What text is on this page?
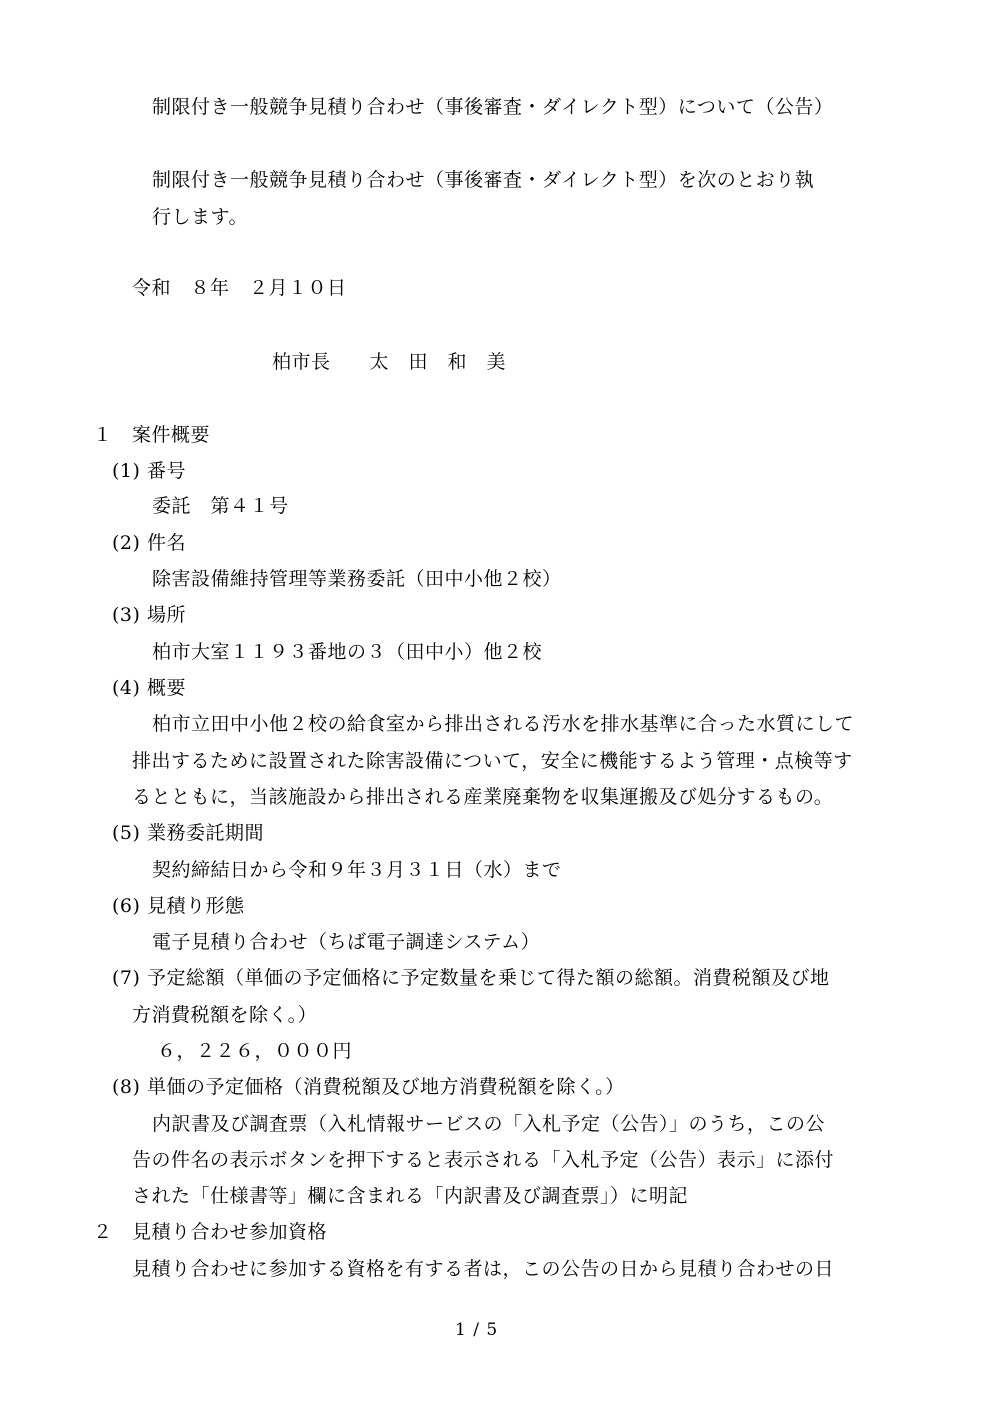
制限付き一般競争見積り合わせ（事後審査・ダイレクト型）について（公告）

制限付き一般競争見積り合わせ（事後審査・ダイレクト型）を次のとおり執

行します。

令和　８年　２月１０日

柏市長　　太　田　和　美

１　案件概要

(1) 番号

委託　第４１号

(2) 件名

除害設備維持管理等業務委託（田中小他２校）

(3) 場所

柏市大室１１９３番地の３（田中小）他２校

(4) 概要

柏市立田中小他２校の給食室から排出される汚水を排水基準に合った水質にして

排出するために設置された除害設備について，安全に機能するよう管理・点検等す

るとともに，当該施設から排出される産業廃棄物を収集運搬及び処分するもの。

(5) 業務委託期間

契約締結日から令和９年３月３１日（水）まで

(6) 見積り形態

電子見積り合わせ（ちば電子調達システム）

(7) 予定総額（単価の予定価格に予定数量を乗じて得た額の総額。消費税額及び地

方消費税額を除く。）

６，２２６，０００円

(8) 単価の予定価格（消費税額及び地方消費税額を除く。）

内訳書及び調査票（入札情報サービスの「入札予定（公告）」のうち，この公

告の件名の表示ボタンを押下すると表示される「入札予定（公告）表示」に添付

された「仕様書等」欄に含まれる「内訳書及び調査票」）に明記

２　見積り合わせ参加資格

見積り合わせに参加する資格を有する者は，この公告の日から見積り合わせの日

1 / 5
